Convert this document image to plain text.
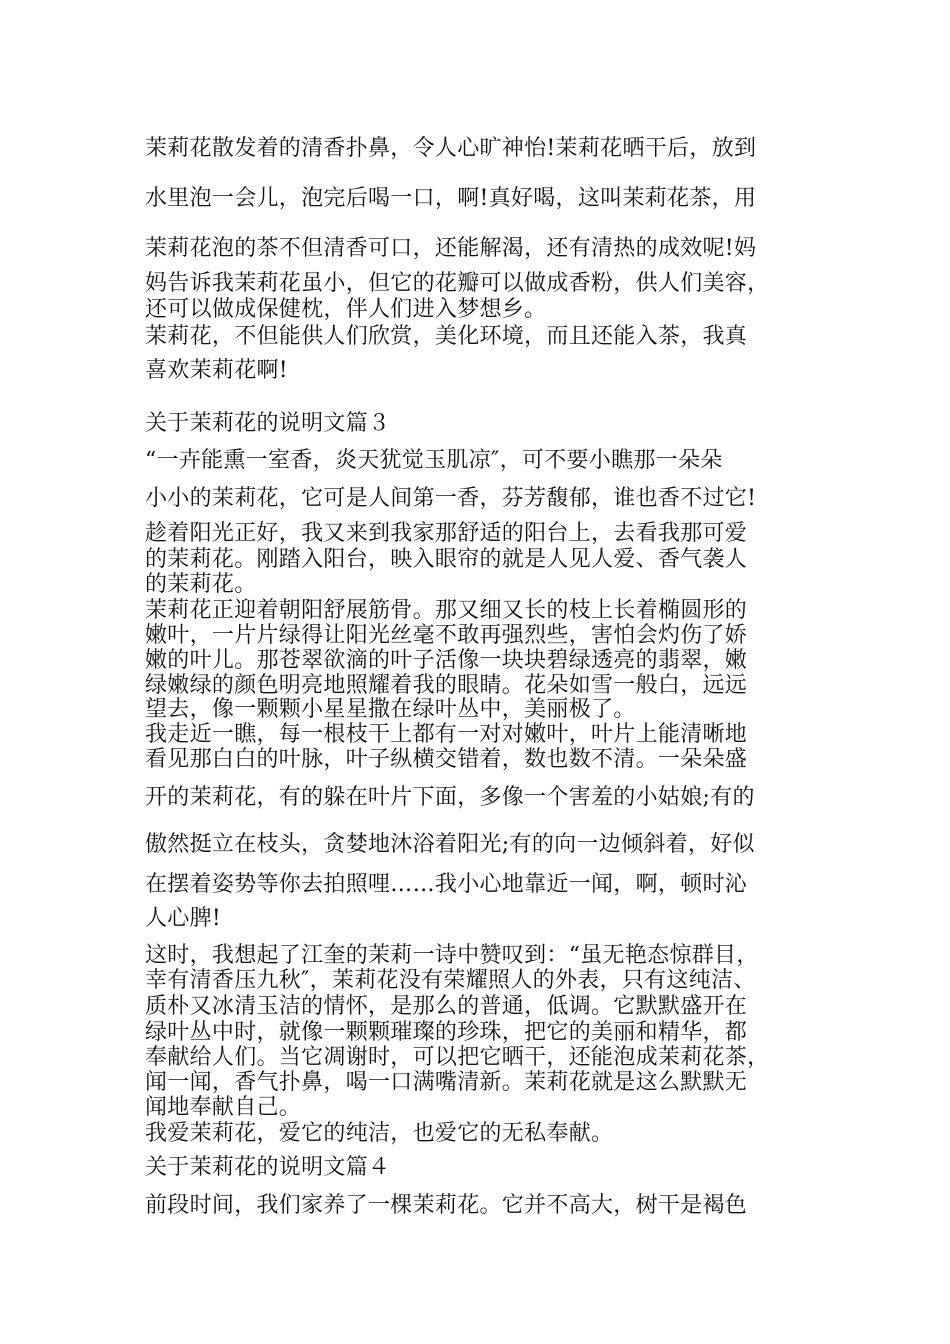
茉莉花散发着的清香扑鼻，令人心旷神怡!茉莉花晒干后，放到
水里泡一会儿，泡完后喝一口，啊!真好喝，这叫茉莉花茶，用
茉莉花泡的茶不但清香可口，还能解渴，还有清热的成效呢!妈
妈告诉我茉莉花虽小，但它的花瓣可以做成香粉，供人们美容，
还可以做成保健枕，伴人们进入梦想乡。
茉莉花，不但能供人们欣赏，美化环境，而且还能入茶，我真
喜欢茉莉花啊!
关于茉莉花的说明文篇３
“一卉能熏一室香，炎天犹觉玉肌凉″，可不要小瞧那一朵朵
小小的茉莉花，它可是人间第一香，芬芳馥郁，谁也香不过它!
趁着阳光正好，我又来到我家那舒适的阳台上，去看我那可爱
的茉莉花。刚踏入阳台，映入眼帘的就是人见人爱、香气袭人
的茉莉花。
茉莉花正迎着朝阳舒展筋骨。那又细又长的枝上长着椭圆形的
嫩叶，一片片绿得让阳光丝毫不敢再强烈些，害怕会灼伤了娇
嫩的叶儿。那苍翠欲滴的叶子活像一块块碧绿透亮的翡翠，嫩
绿嫩绿的颜色明亮地照耀着我的眼睛。花朵如雪一般白，远远
望去，像一颗颗小星星撒在绿叶丛中，美丽极了。
我走近一瞧，每一根枝干上都有一对对嫩叶，叶片上能清晰地
看见那白白的叶脉，叶子纵横交错着，数也数不清。一朵朵盛
开的茉莉花，有的躲在叶片下面，多像一个害羞的小姑娘;有的
傲然挺立在枝头，贪婪地沐浴着阳光;有的向一边倾斜着，好似
在摆着姿势等你去拍照哩……我小心地靠近一闻，啊，顿时沁
人心脾!
这时，我想起了江奎的茉莉一诗中赞叹到：“虽无艳态惊群目，
幸有清香压九秋″，茉莉花没有荣耀照人的外表，只有这纯洁、
质朴又冰清玉洁的情怀，是那么的普通，低调。它默默盛开在
绿叶丛中时，就像一颗颗璀璨的珍珠，把它的美丽和精华，都
奉献给人们。当它凋谢时，可以把它晒干，还能泡成茉莉花茶，
闻一闻，香气扑鼻，喝一口满嘴清新。茉莉花就是这么默默无
闻地奉献自己。
我爱茉莉花，爱它的纯洁，也爱它的无私奉献。
关于茉莉花的说明文篇４
前段时间，我们家养了一棵茉莉花。它并不高大，树干是褐色
